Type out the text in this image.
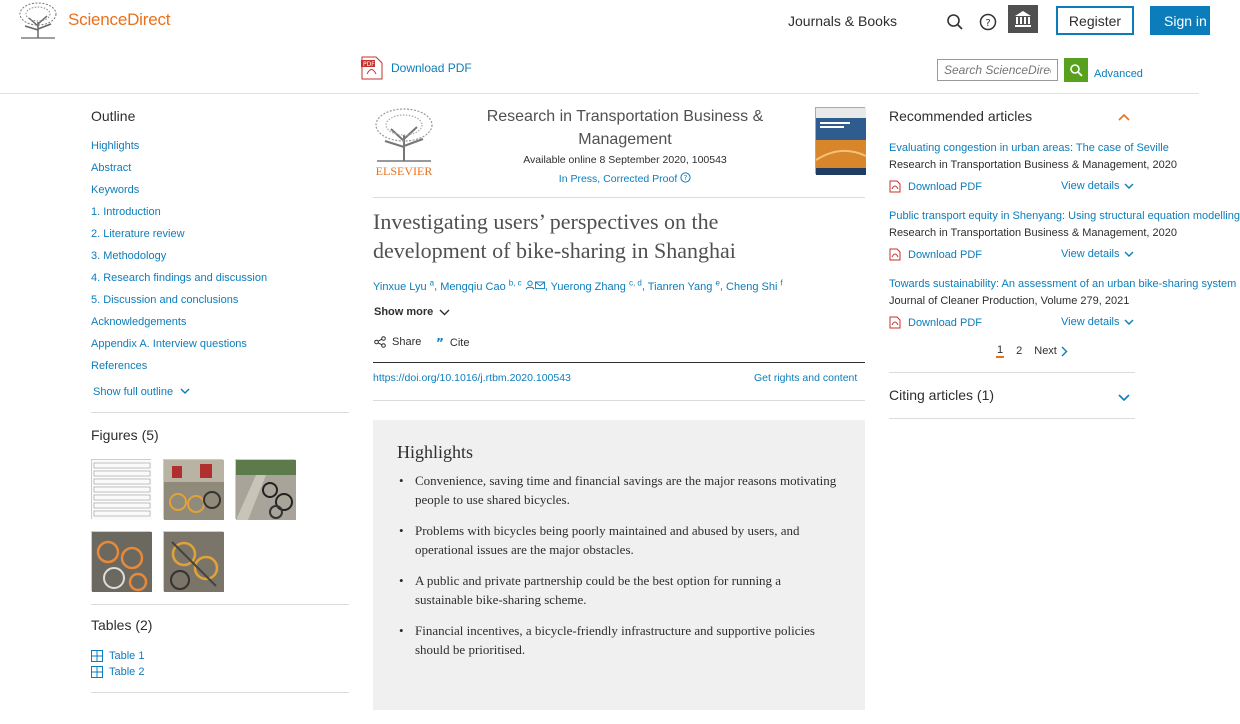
ScienceDirect	Journals & Books	?	Register	Sign in
PDF Download PDF
Search ScienceDirect	Advanced
Outline
Highlights
Abstract
Keywords
1. Introduction
2. Literature review
3. Methodology
4. Research findings and discussion
5. Discussion and conclusions
Acknowledgements
Appendix A. Interview questions
References
Show full outline
Figures (5)
Tables (2)
Table 1
Table 2
ELSEVIER
Research in Transportation Business &
Management
Available online 8 September 2020, 100543
In Press, Corrected Proof ?
Investigating users’ perspectives on the
development of bike-sharing in Shanghai
Yinxue Lyu $^a$, Mengqiu Cao $^{b, c}$ , Yuerong Zhang $^{c, d}$, Tianren Yang $^e$, Cheng Shi $^f$
Show more
Share ” Cite
https://doi.org/10.1016/j.rtbm.2020.100543	Get rights and content
Highlights
• Convenience, saving time and financial savings are the major reasons motivating people to use shared bicycles.
• Problems with bicycles being poorly maintained and abused by users, and operational issues are the major obstacles.
• A public and private partnership could be the best option for running a sustainable bike-sharing scheme.
• Financial incentives, a bicycle-friendly infrastructure and supportive policies should be prioritised.
Recommended articles
Evaluating congestion in urban areas: The case of Seville
Research in Transportation Business & Management, 2020
Download PDF	View details
Public transport equity in Shenyang: Using structural equation modelling
Research in Transportation Business & Management, 2020
Download PDF	View details
Towards sustainability: An assessment of an urban bike-sharing system
Journal of Cleaner Production, Volume 279, 2021
Download PDF	View details
1 2 Next
Citing articles (1)
